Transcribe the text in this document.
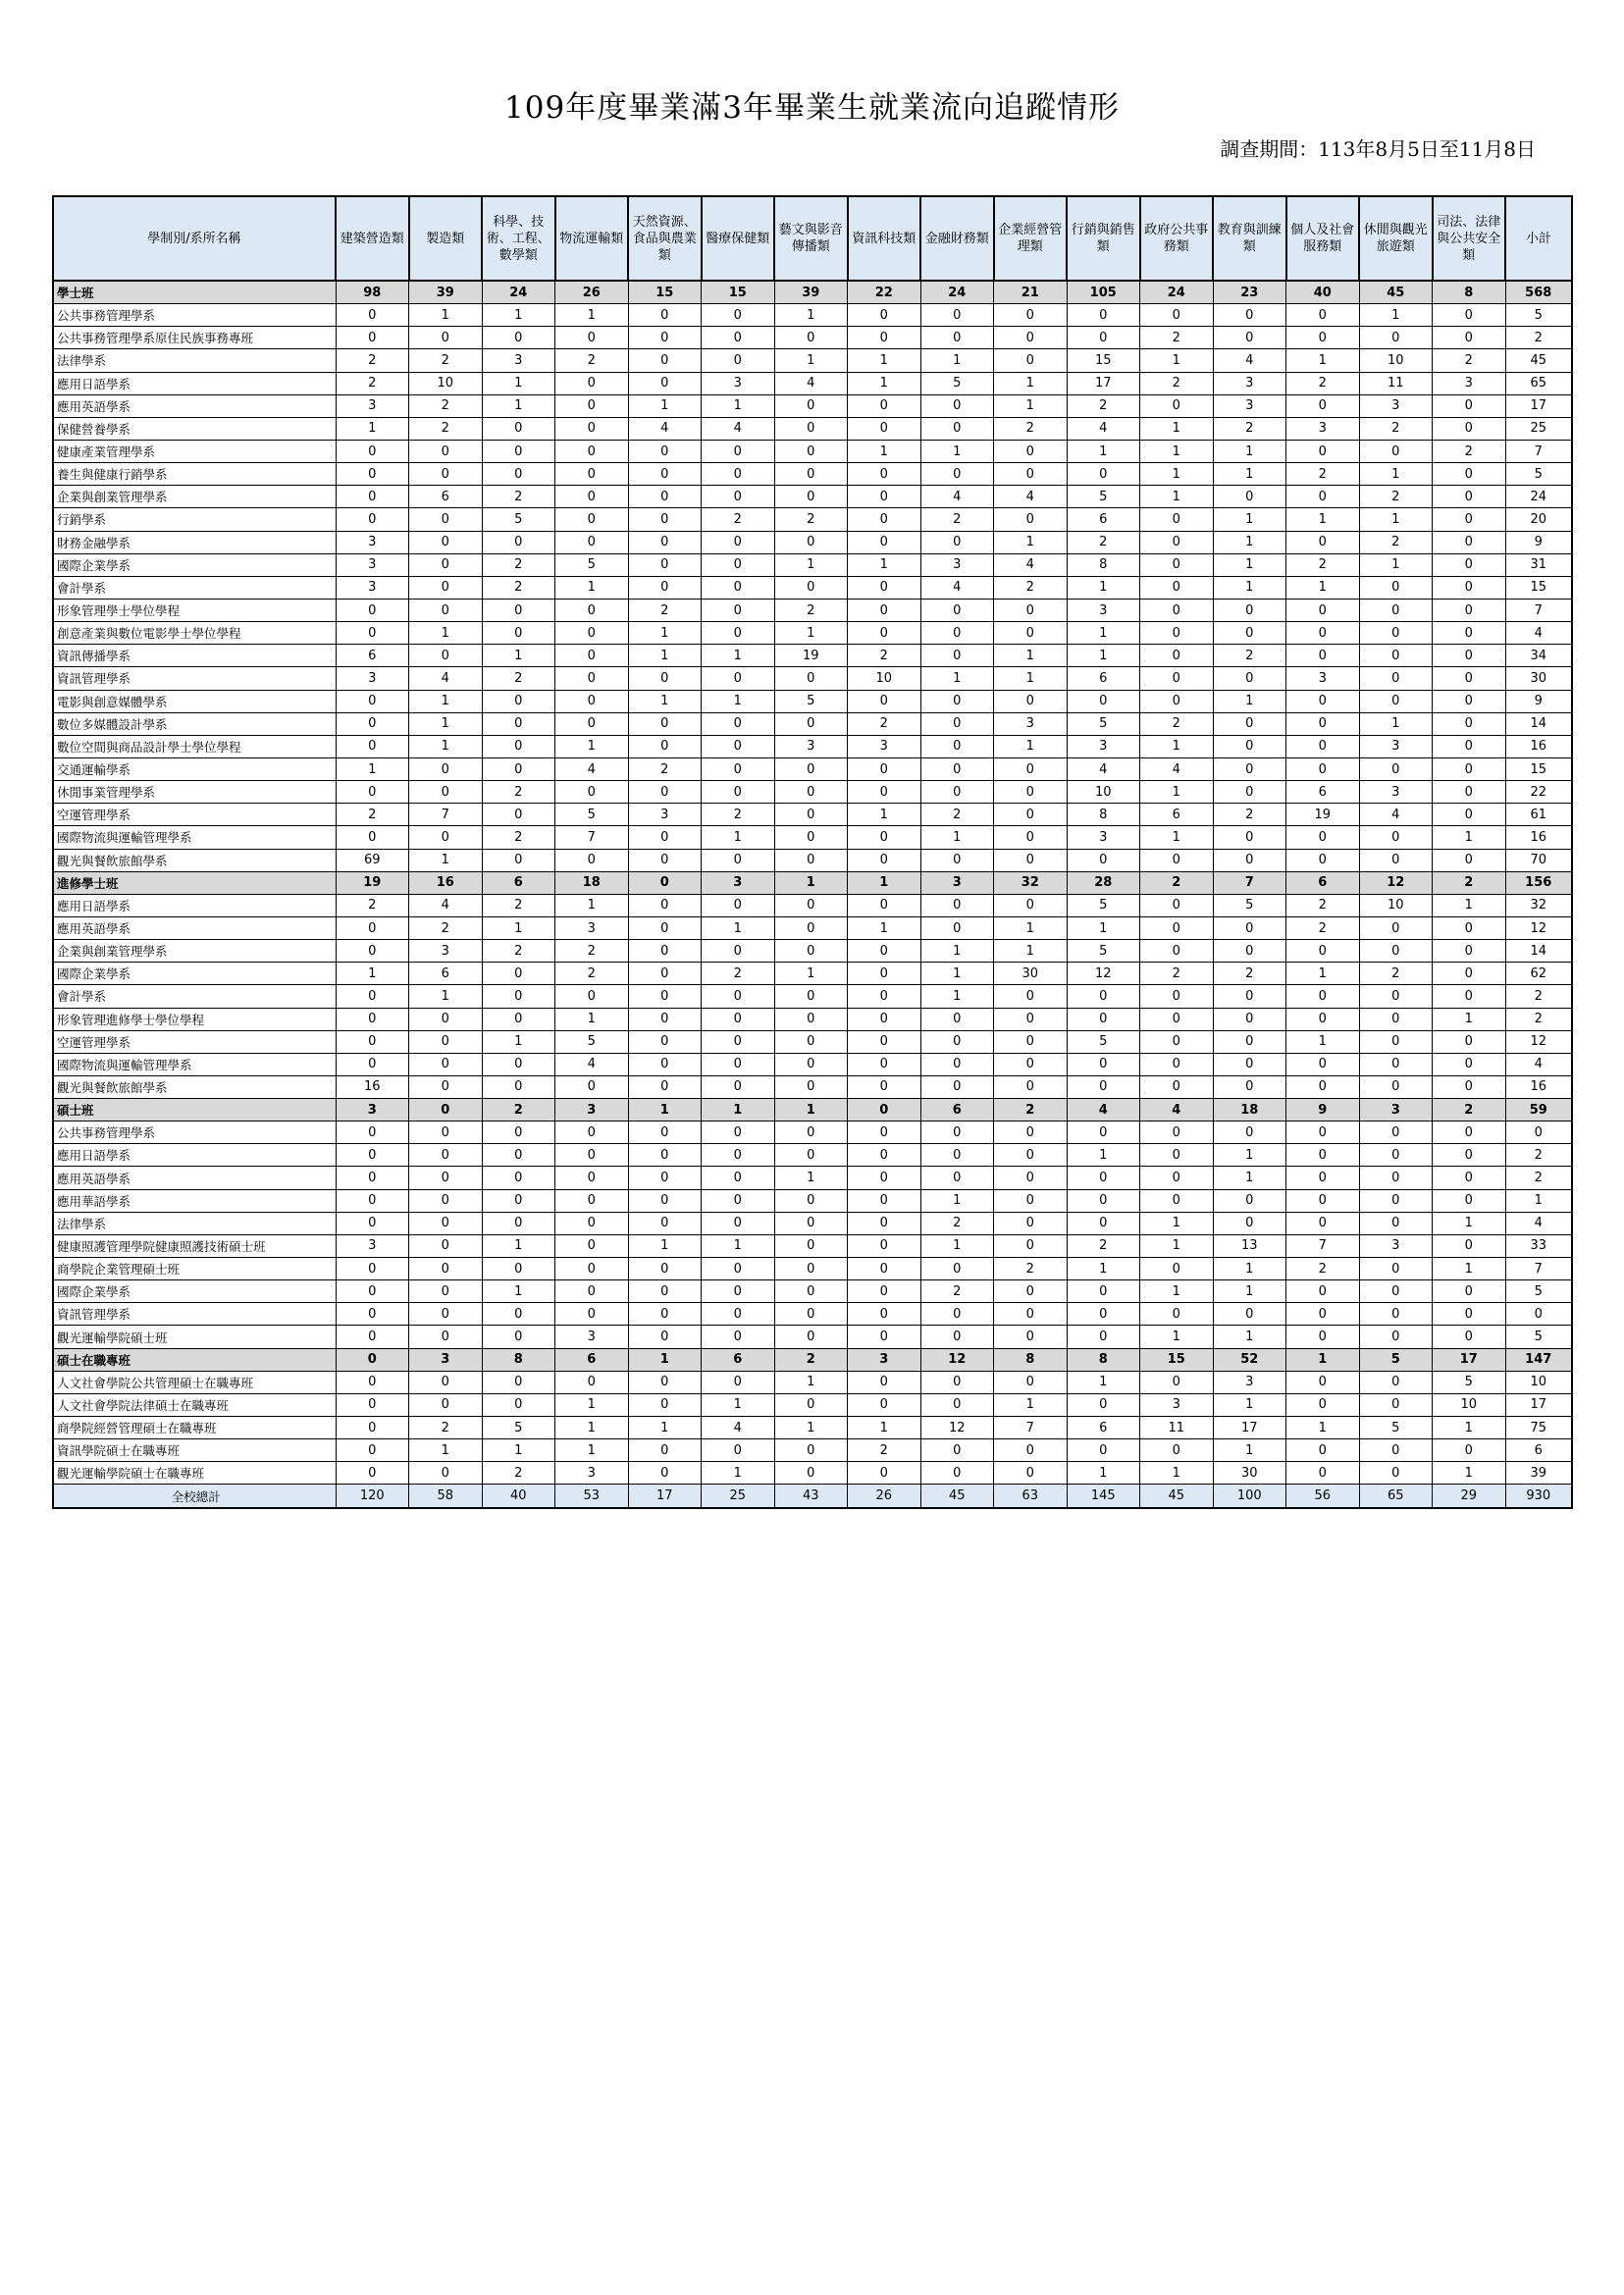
109年度畢業滿3年畢業生就業流向追蹤情形
調查期間：113年8月5日至11月8日
學制別/系所名稱	建築營造類	製造類	科學、技術、工程、數學類	物流運輸類	天然資源、食品與農業類	醫療保健類	藝文與影音傳播類	資訊科技類	金融財務類	企業經營管理類	行銷與銷售類	政府公共事務類	教育與訓練類	個人及社會服務類	休閒與觀光旅遊類	司法、法律與公共安全類	小計
學士班	98	39	24	26	15	15	39	22	24	21	105	24	23	40	45	8	568
公共事務管理學系	0	1	1	1	0	0	1	0	0	0	0	0	0	0	1	0	5
公共事務管理學系原住民族事務專班	0	0	0	0	0	0	0	0	0	0	0	2	0	0	0	0	2
法律學系	2	2	3	2	0	0	1	1	1	0	15	1	4	1	10	2	45
應用日語學系	2	10	1	0	0	3	4	1	5	1	17	2	3	2	11	3	65
應用英語學系	3	2	1	0	1	1	0	0	0	1	2	0	3	0	3	0	17
保健營養學系	1	2	0	0	4	4	0	0	0	2	4	1	2	3	2	0	25
健康產業管理學系	0	0	0	0	0	0	0	1	1	0	1	1	1	0	0	2	7
養生與健康行銷學系	0	0	0	0	0	0	0	0	0	0	0	1	1	2	1	0	5
企業與創業管理學系	0	6	2	0	0	0	0	0	4	4	5	1	0	0	2	0	24
行銷學系	0	0	5	0	0	2	2	0	2	0	6	0	1	1	1	0	20
財務金融學系	3	0	0	0	0	0	0	0	0	1	2	0	1	0	2	0	9
國際企業學系	3	0	2	5	0	0	1	1	3	4	8	0	1	2	1	0	31
會計學系	3	0	2	1	0	0	0	0	4	2	1	0	1	1	0	0	15
形象管理學士學位學程	0	0	0	0	2	0	2	0	0	0	3	0	0	0	0	0	7
創意產業與數位電影學士學位學程	0	1	0	0	1	0	1	0	0	0	1	0	0	0	0	0	4
資訊傳播學系	6	0	1	0	1	1	19	2	0	1	1	0	2	0	0	0	34
資訊管理學系	3	4	2	0	0	0	0	10	1	1	6	0	0	3	0	0	30
電影與創意媒體學系	0	1	0	0	1	1	5	0	0	0	0	0	1	0	0	0	9
數位多媒體設計學系	0	1	0	0	0	0	0	2	0	3	5	2	0	0	1	0	14
數位空間與商品設計學士學位學程	0	1	0	1	0	0	3	3	0	1	3	1	0	0	3	0	16
交通運輸學系	1	0	0	4	2	0	0	0	0	0	4	4	0	0	0	0	15
休閒事業管理學系	0	0	2	0	0	0	0	0	0	0	10	1	0	6	3	0	22
空運管理學系	2	7	0	5	3	2	0	1	2	0	8	6	2	19	4	0	61
國際物流與運輸管理學系	0	0	2	7	0	1	0	0	1	0	3	1	0	0	0	1	16
觀光與餐飲旅館學系	69	1	0	0	0	0	0	0	0	0	0	0	0	0	0	0	70
進修學士班	19	16	6	18	0	3	1	1	3	32	28	2	7	6	12	2	156
應用日語學系	2	4	2	1	0	0	0	0	0	0	5	0	5	2	10	1	32
應用英語學系	0	2	1	3	0	1	0	1	0	1	1	0	0	2	0	0	12
企業與創業管理學系	0	3	2	2	0	0	0	0	1	1	5	0	0	0	0	0	14
國際企業學系	1	6	0	2	0	2	1	0	1	30	12	2	2	1	2	0	62
會計學系	0	1	0	0	0	0	0	0	1	0	0	0	0	0	0	0	2
形象管理進修學士學位學程	0	0	0	1	0	0	0	0	0	0	0	0	0	0	0	1	2
空運管理學系	0	0	1	5	0	0	0	0	0	0	5	0	0	1	0	0	12
國際物流與運輸管理學系	0	0	0	4	0	0	0	0	0	0	0	0	0	0	0	0	4
觀光與餐飲旅館學系	16	0	0	0	0	0	0	0	0	0	0	0	0	0	0	0	16
碩士班	3	0	2	3	1	1	1	0	6	2	4	4	18	9	3	2	59
公共事務管理學系	0	0	0	0	0	0	0	0	0	0	0	0	0	0	0	0	0
應用日語學系	0	0	0	0	0	0	0	0	0	0	1	0	1	0	0	0	2
應用英語學系	0	0	0	0	0	0	1	0	0	0	0	0	1	0	0	0	2
應用華語學系	0	0	0	0	0	0	0	0	1	0	0	0	0	0	0	0	1
法律學系	0	0	0	0	0	0	0	0	2	0	0	1	0	0	0	1	4
健康照護管理學院健康照護技術碩士班	3	0	1	0	1	1	0	0	1	0	2	1	13	7	3	0	33
商學院企業管理碩士班	0	0	0	0	0	0	0	0	0	2	1	0	1	2	0	1	7
國際企業學系	0	0	1	0	0	0	0	0	2	0	0	1	1	0	0	0	5
資訊管理學系	0	0	0	0	0	0	0	0	0	0	0	0	0	0	0	0	0
觀光運輸學院碩士班	0	0	0	3	0	0	0	0	0	0	0	1	1	0	0	0	5
碩士在職專班	0	3	8	6	1	6	2	3	12	8	8	15	52	1	5	17	147
人文社會學院公共管理碩士在職專班	0	0	0	0	0	0	1	0	0	0	1	0	3	0	0	5	10
人文社會學院法律碩士在職專班	0	0	0	1	0	1	0	0	0	1	0	3	1	0	0	10	17
商學院經營管理碩士在職專班	0	2	5	1	1	4	1	1	12	7	6	11	17	1	5	1	75
資訊學院碩士在職專班	0	1	1	1	0	0	0	2	0	0	0	0	1	0	0	0	6
觀光運輸學院碩士在職專班	0	0	2	3	0	1	0	0	0	0	1	1	30	0	0	1	39
全校總計	120	58	40	53	17	25	43	26	45	63	145	45	100	56	65	29	930
